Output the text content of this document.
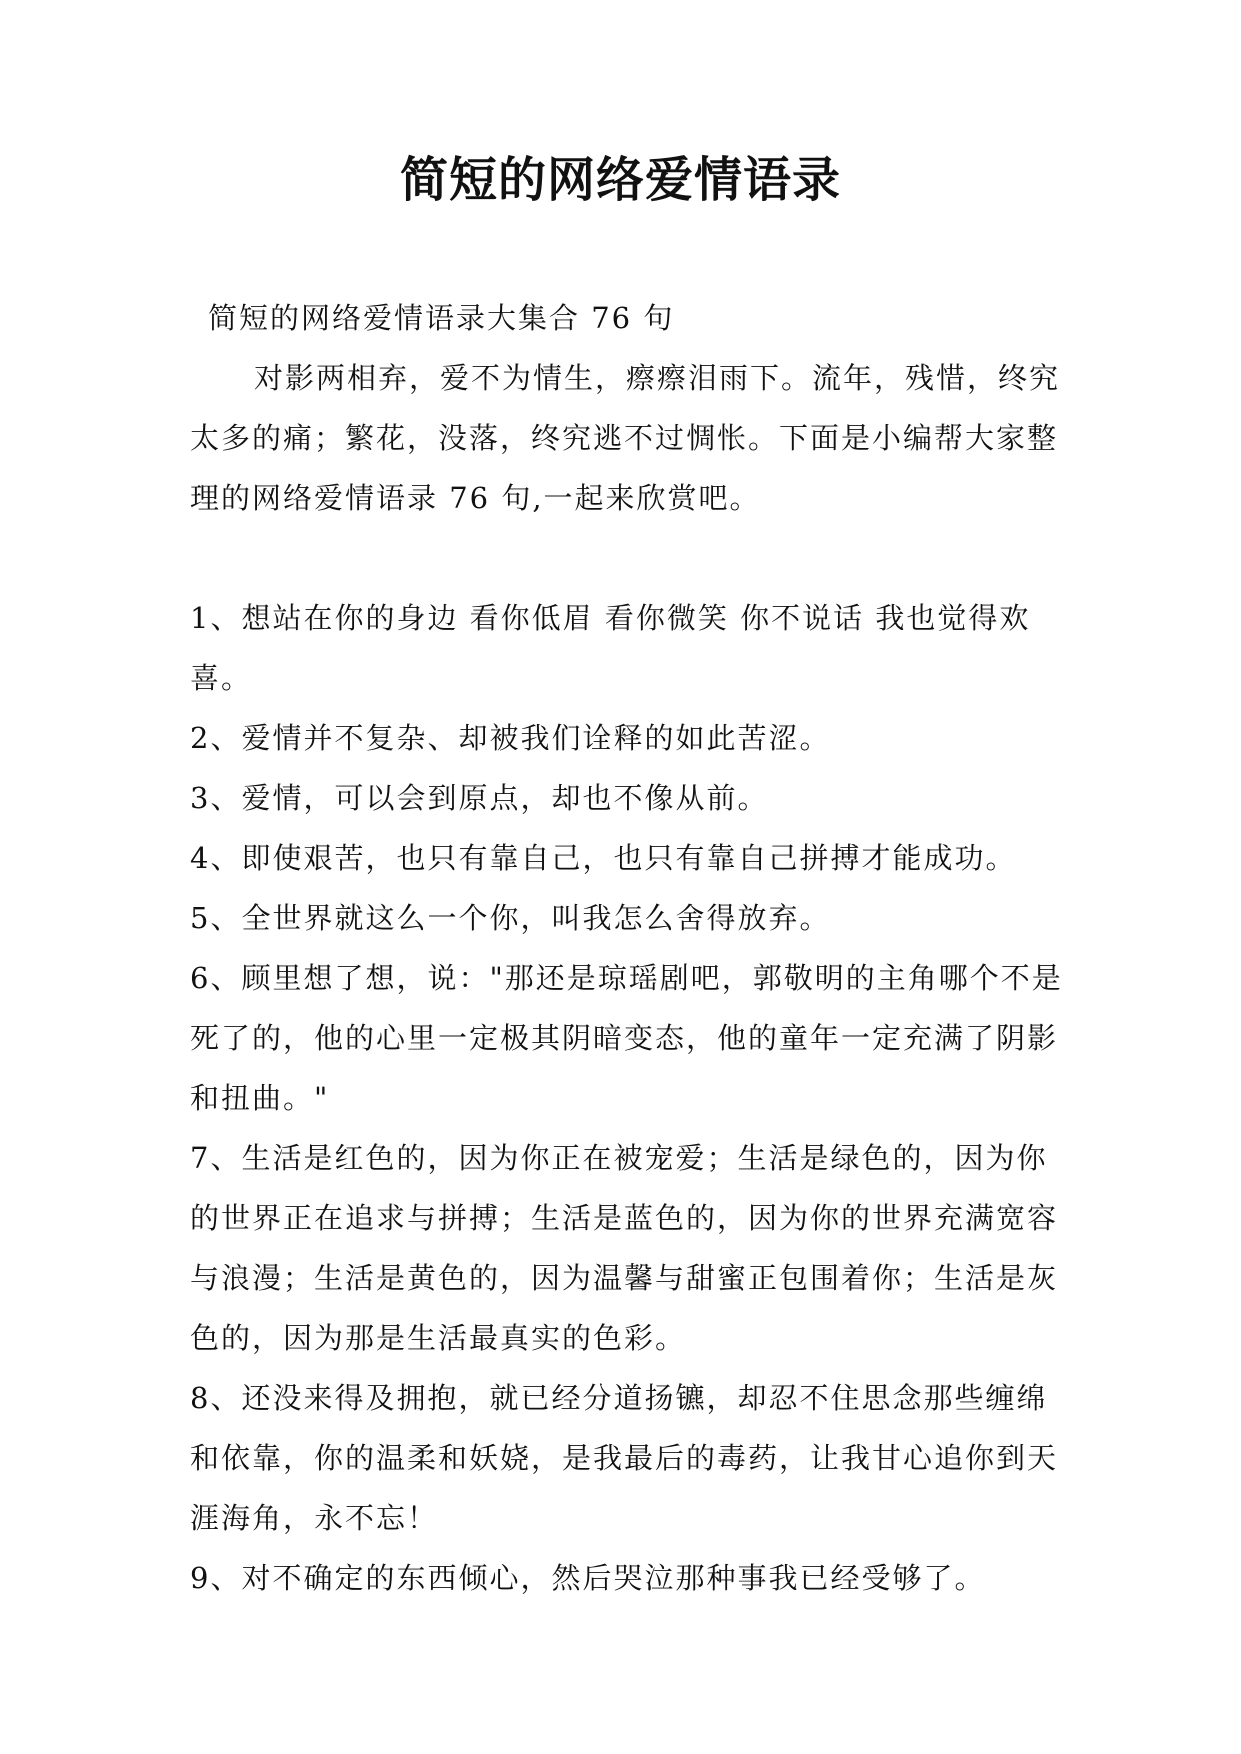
简短的网络爱情语录

简短的网络爱情语录大集合 76 句

对影两相弃，爱不为情生，瘵瘵泪雨下。流年，残惜，终究太多的痛；繁花，没落，终究逃不过惆怅。下面是小编帮大家整理的网络爱情语录 76 句,一起来欣赏吧。

1、想站在你的身边 看你低眉 看你微笑 你不说话 我也觉得欢喜。

2、爱情并不复杂、却被我们诠释的如此苦涩。

3、爱情，可以会到原点，却也不像从前。

4、即使艰苦，也只有靠自己，也只有靠自己拼搏才能成功。

5、全世界就这么一个你，叫我怎么舍得放弃。

6、顾里想了想，说："那还是琼瑶剧吧，郭敬明的主角哪个不是死了的，他的心里一定极其阴暗变态，他的童年一定充满了阴影和扭曲。"

7、生活是红色的，因为你正在被宠爱；生活是绿色的，因为你的世界正在追求与拼搏；生活是蓝色的，因为你的世界充满宽容与浪漫；生活是黄色的，因为温馨与甜蜜正包围着你；生活是灰色的，因为那是生活最真实的色彩。

8、还没来得及拥抱，就已经分道扬镳，却忍不住思念那些缠绵和依靠，你的温柔和妖娆，是我最后的毒药，让我甘心追你到天涯海角，永不忘！

9、对不确定的东西倾心，然后哭泣那种事我已经受够了。
